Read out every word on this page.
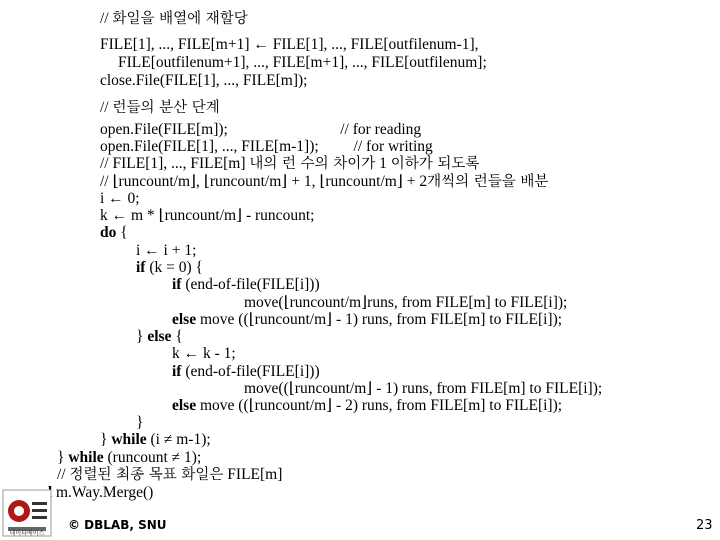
// 화일을 배열에 재할당
FILE[1], ..., FILE[m+1] ← FILE[1], ..., FILE[outfilenum-1],
FILE[outfilenum+1], ..., FILE[m+1], ..., FILE[outfilenum];
close.File(FILE[1], ..., FILE[m]);
// 런들의 분산 단계
open.File(FILE[m]);                             // for reading
open.File(FILE[1], ..., FILE[m-1]);         // for writing
// FILE[1], ..., FILE[m] 내의 런 수의 차이가 1 이하가 되도록
// ⌊runcount/m⌋, ⌊runcount/m⌋ + 1, ⌊runcount/m⌋ + 2개씩의 런들을 배분
i ← 0;
k ← m * ⌊runcount/m⌋ - runcount;
do {
i ← i + 1;
if (k = 0) {
if (end-of-file(FILE[i]))
move(⌊runcount/m⌋runs, from FILE[m] to FILE[i]);
else move ((⌊runcount/m⌋ - 1) runs, from FILE[m] to FILE[i]);
} else {
k ← k - 1;
if (end-of-file(FILE[i]))
move((⌊runcount/m⌋ - 1) runs, from FILE[m] to FILE[i]);
else move ((⌊runcount/m⌋ - 2) runs, from FILE[m] to FILE[i]);
}
} while (i ≠ m-1);
} while (runcount ≠ 1);
// 정렬된 최종 목표 화일은 FILE[m]
m.Way.Merge()
데이타베이스
© DBLAB, SNU	23
